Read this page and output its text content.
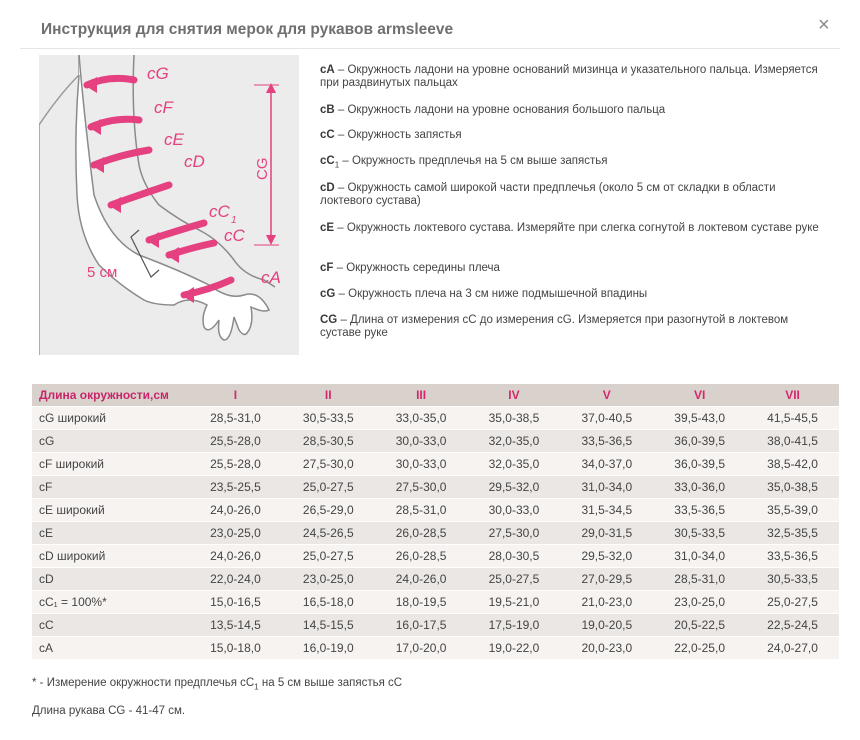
Инструкция для снятия мерок для рукавов armsleeve	×
cG
cF
cE
cD
cC 1
cC
cA
CG
5 см
cA – Окружность ладони на уровне оснований мизинца и указательного пальца. Измеряется при раздвинутых пальцах
cB – Окружность ладони на уровне основания большого пальца
cC – Окружность запястья
$cC_1$ – Окружность предплечья на 5 см выше запястья
cD – Окружность самой широкой части предплечья (около 5 см от складки в области локтевого сустава)
cE – Окружность локтевого сустава. Измеряйте при слегка согнутой в локтевом суставе руке
cF – Окружность середины плеча
cG – Окружность плеча на 3 см ниже подмышечной впадины
CG – Длина от измерения cC до измерения cG. Измеряется при разогнутой в локтевом суставе руке
Длина окружности,см	I	II	III	IV	V	VI	VII
cG широкий	28,5-31,0	30,5-33,5	33,0-35,0	35,0-38,5	37,0-40,5	39,5-43,0	41,5-45,5
cG	25,5-28,0	28,5-30,5	30,0-33,0	32,0-35,0	33,5-36,5	36,0-39,5	38,0-41,5
cF широкий	25,5-28,0	27,5-30,0	30,0-33,0	32,0-35,0	34,0-37,0	36,0-39,5	38,5-42,0
cF	23,5-25,5	25,0-27,5	27,5-30,0	29,5-32,0	31,0-34,0	33,0-36,0	35,0-38,5
cE широкий	24,0-26,0	26,5-29,0	28,5-31,0	30,0-33,0	31,5-34,5	33,5-36,5	35,5-39,0
cE	23,0-25,0	24,5-26,5	26,0-28,5	27,5-30,0	29,0-31,5	30,5-33,5	32,5-35,5
cD широкий	24,0-26,0	25,0-27,5	26,0-28,5	28,0-30,5	29,5-32,0	31,0-34,0	33,5-36,5
cD	22,0-24,0	23,0-25,0	24,0-26,0	25,0-27,5	27,0-29,5	28,5-31,0	30,5-33,5
cC₁ = 100%*	15,0-16,5	16,5-18,0	18,0-19,5	19,5-21,0	21,0-23,0	23,0-25,0	25,0-27,5
cC	13,5-14,5	14,5-15,5	16,0-17,5	17,5-19,0	19,0-20,5	20,5-22,5	22,5-24,5
cA	15,0-18,0	16,0-19,0	17,0-20,0	19,0-22,0	20,0-23,0	22,0-25,0	24,0-27,0
* - Измерение окружности предплечья $cC_1$ на 5 см выше запястья cC
Длина рукава CG - 41-47 см.
